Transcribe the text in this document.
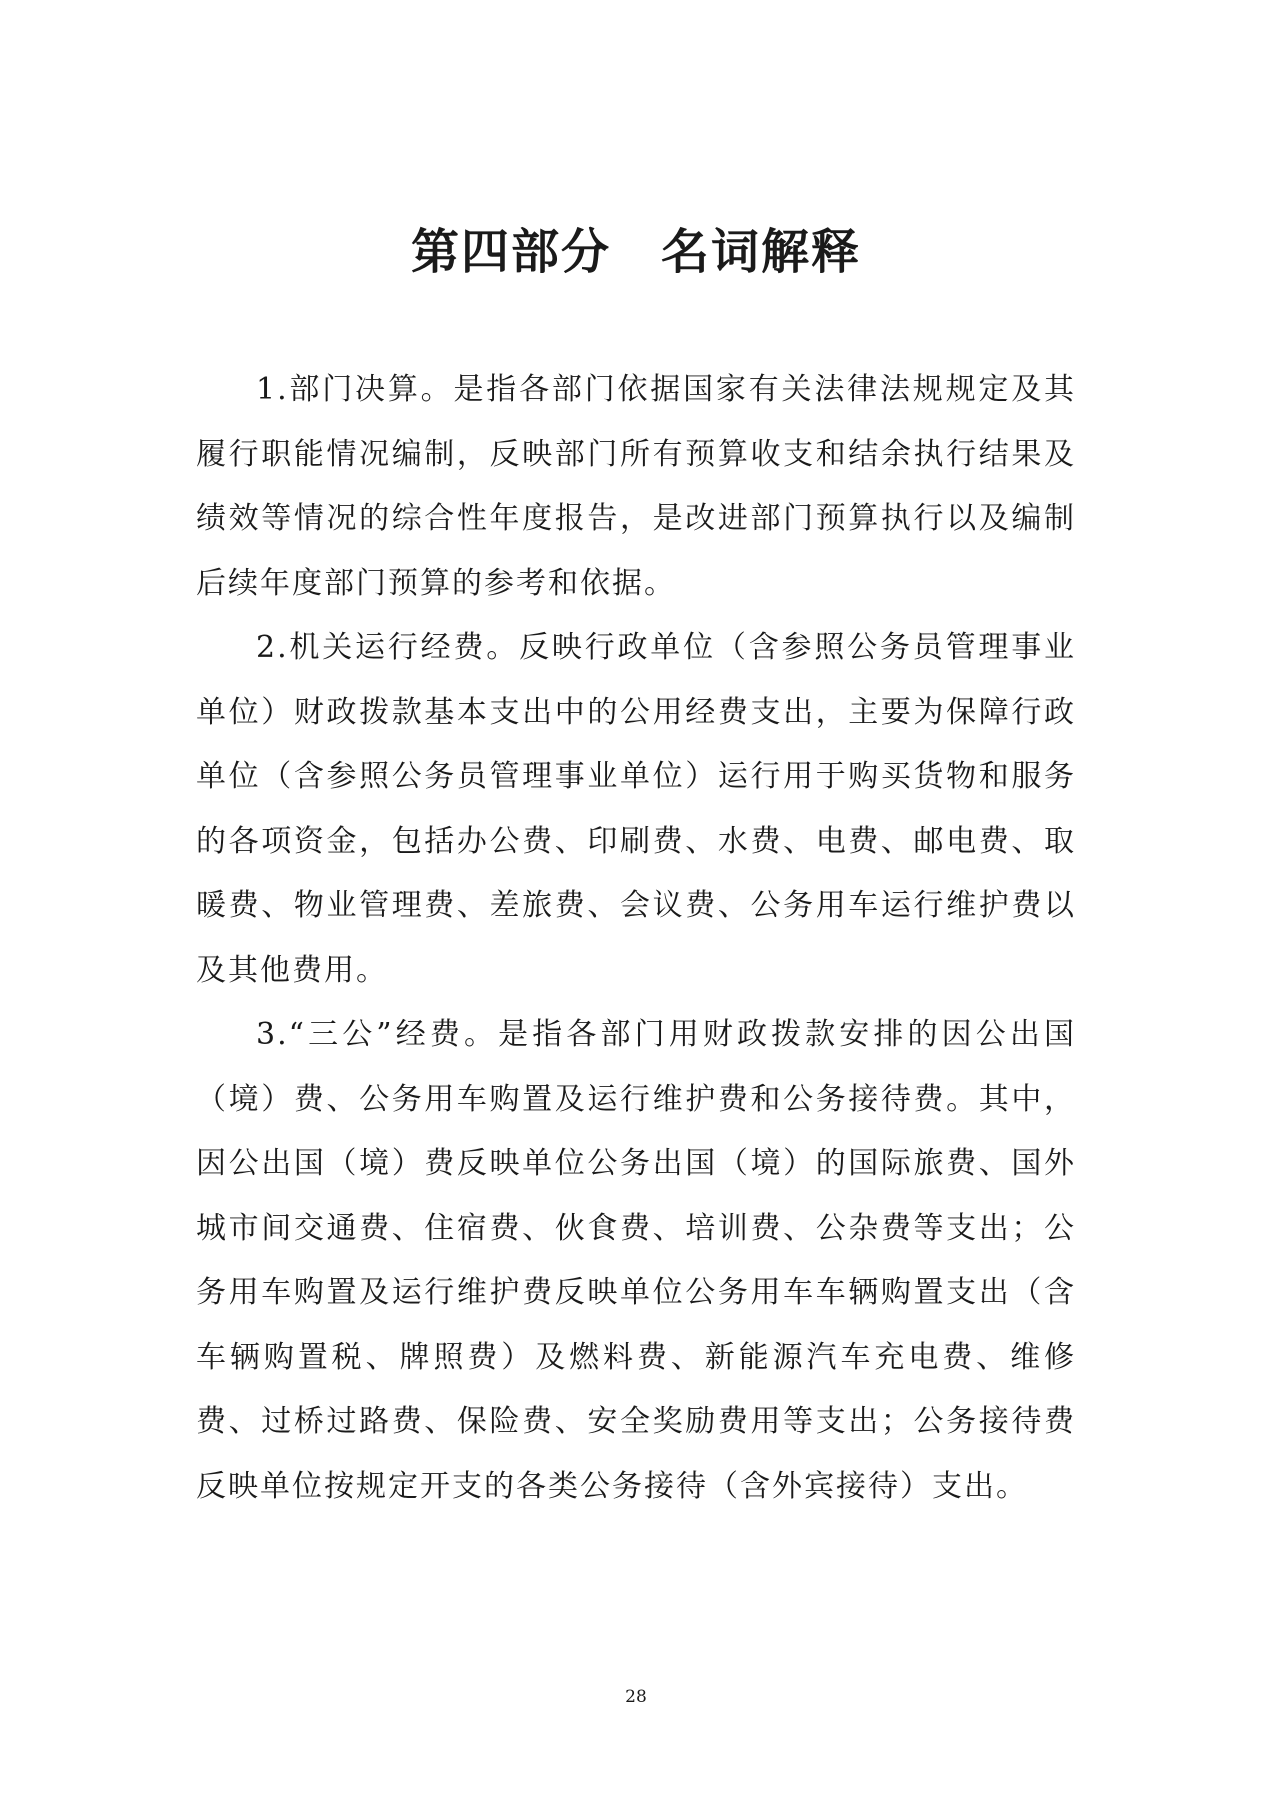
第四部分　名词解释

1.部门决算。是指各部门依据国家有关法律法规规定及其履行职能情况编制，反映部门所有预算收支和结余执行结果及绩效等情况的综合性年度报告，是改进部门预算执行以及编制后续年度部门预算的参考和依据。

2.机关运行经费。反映行政单位（含参照公务员管理事业单位）财政拨款基本支出中的公用经费支出，主要为保障行政单位（含参照公务员管理事业单位）运行用于购买货物和服务的各项资金，包括办公费、印刷费、水费、电费、邮电费、取暖费、物业管理费、差旅费、会议费、公务用车运行维护费以及其他费用。

3.“三公”经费。是指各部门用财政拨款安排的因公出国（境）费、公务用车购置及运行维护费和公务接待费。其中，因公出国（境）费反映单位公务出国（境）的国际旅费、国外城市间交通费、住宿费、伙食费、培训费、公杂费等支出；公务用车购置及运行维护费反映单位公务用车车辆购置支出（含车辆购置税、牌照费）及燃料费、新能源汽车充电费、维修费、过桥过路费、保险费、安全奖励费用等支出；公务接待费反映单位按规定开支的各类公务接待（含外宾接待）支出。

28
